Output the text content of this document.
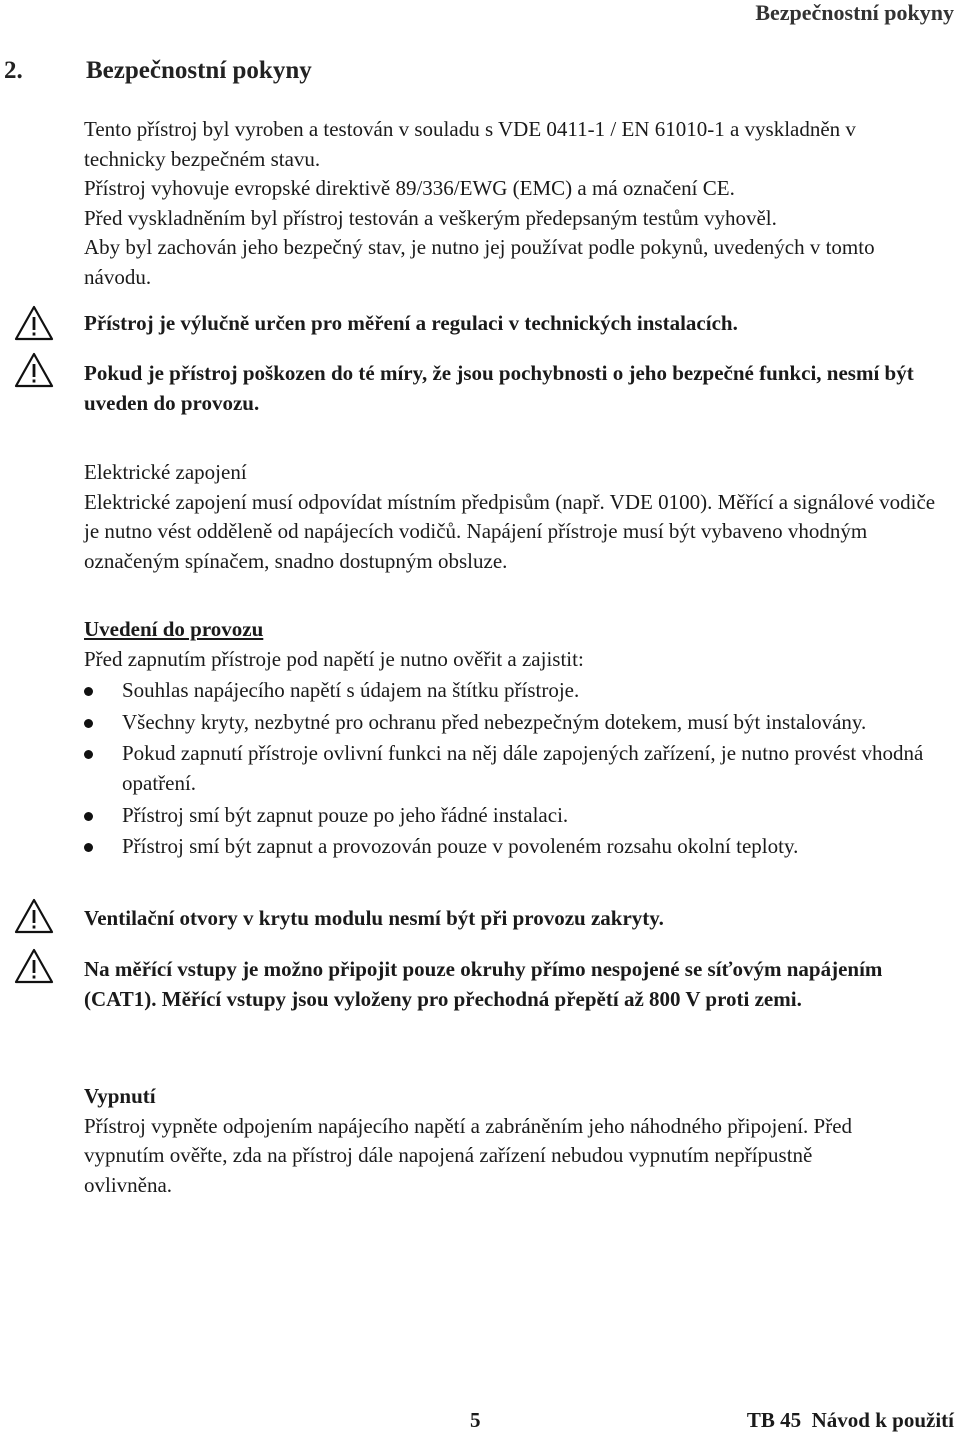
Bezpečnostní pokyny
2.	Bezpečnostní pokyny

Tento přístroj byl vyroben a testován v souladu s VDE 0411-1 / EN 61010-1 a vyskladněn v technicky bezpečném stavu.

Přístroj vyhovuje evropské direktivě 89/336/EWG (EMC) a má označení CE.

Před vyskladněním byl přístroj testován a veškerým předepsaným testům vyhověl.

Aby byl zachován jeho bezpečný stav, je nutno jej používat podle pokynů, uvedených v tomto návodu.

Přístroj je výlučně určen pro měření a regulaci v technických instalacích.
Pokud je přístroj poškozen do té míry, že jsou pochybnosti o jeho bezpečné funkci, nesmí být uveden do provozu.

Elektrické zapojení

Elektrické zapojení musí odpovídat místním předpisům (např. VDE 0100). Měřící a signálové vodiče je nutno vést odděleně od napájecích vodičů. Napájení přístroje musí být vybaveno vhodným označeným spínačem, snadno dostupným obsluze.

Uvedení do provozu

Před zapnutím přístroje pod napětí je nutno ověřit a zajistit:

Souhlas napájecího napětí s údajem na štítku přístroje.
Všechny kryty, nezbytné pro ochranu před nebezpečným dotekem, musí být instalovány.
Pokud zapnutí přístroje ovlivní funkci na něj dále zapojených zařízení, je nutno provést vhodná opatření.
Přístroj smí být zapnut pouze po jeho řádné instalaci.
Přístroj smí být zapnut a provozován pouze v povoleném rozsahu okolní teploty.
Ventilační otvory v krytu modulu nesmí být při provozu zakryty.
Na měřící vstupy je možno připojit pouze okruhy přímo nespojené se síťovým napájením (CAT1). Měřící vstupy jsou vyloženy pro přechodná přepětí až 800 V proti zemi.

Vypnutí

Přístroj vypněte odpojením napájecího napětí a zabráněním jeho náhodného připojení. Před vypnutím ověřte, zda na přístroj dále napojená zařízení nebudou vypnutím nepřípustně ovlivněna.

5	TB 45  Návod k použití
